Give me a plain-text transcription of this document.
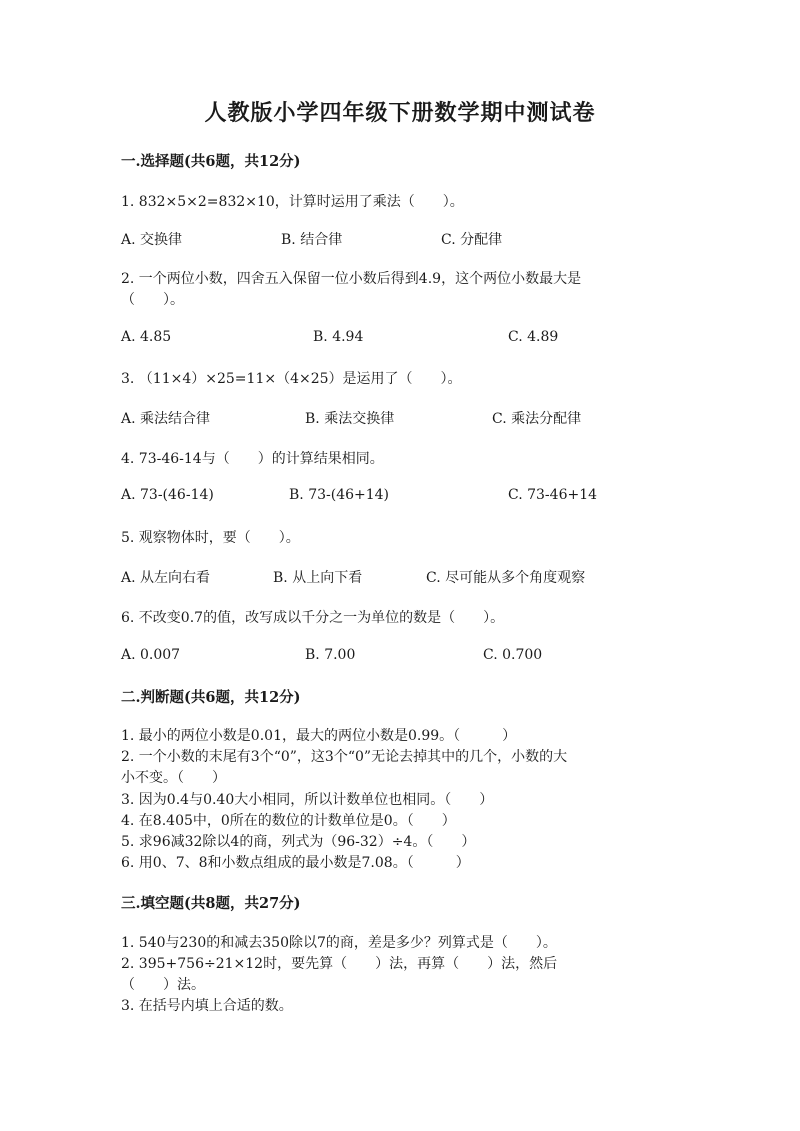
人教版小学四年级下册数学期中测试卷
一.选择题(共6题，共12分)

1. 832×5×2=832×10，计算时运用了乘法（　　）。

A. 交换律	B. 结合律	C. 分配律

2. 一个两位小数，四舍五入保留一位小数后得到4.9，这个两位小数最大是

（　　）。

A. 4.85	B. 4.94	C. 4.89

3. （11×4）×25=11×（4×25）是运用了（　　）。

A. 乘法结合律	B. 乘法交换律	C. 乘法分配律

4. 73-46-14与（　　）的计算结果相同。

A. 73-(46-14)	B. 73-(46+14)	C. 73-46+14

5. 观察物体时，要（　　）。

A. 从左向右看	B. 从上向下看	C. 尽可能从多个角度观察

6. 不改变0.7的值，改写成以千分之一为单位的数是（　　）。

A. 0.007	B. 7.00	C. 0.700

二.判断题(共6题，共12分)

1. 最小的两位小数是0.01，最大的两位小数是0.99。（　　　）

2. 一个小数的末尾有3个“0”，这3个“0”无论去掉其中的几个，小数的大

小不变。（　　）

3. 因为0.4与0.40大小相同，所以计数单位也相同。（　　）

4. 在8.405中，0所在的数位的计数单位是0。（　　）

5. 求96减32除以4的商，列式为（96-32）÷4。（　　）

6. 用0、7、8和小数点组成的最小数是7.08。（　　　）

三.填空题(共8题，共27分)

1. 540与230的和减去350除以7的商，差是多少？列算式是（　　）。

2. 395+756÷21×12时，要先算（　　）法，再算（　　）法，然后

（　　）法。

3. 在括号内填上合适的数。
